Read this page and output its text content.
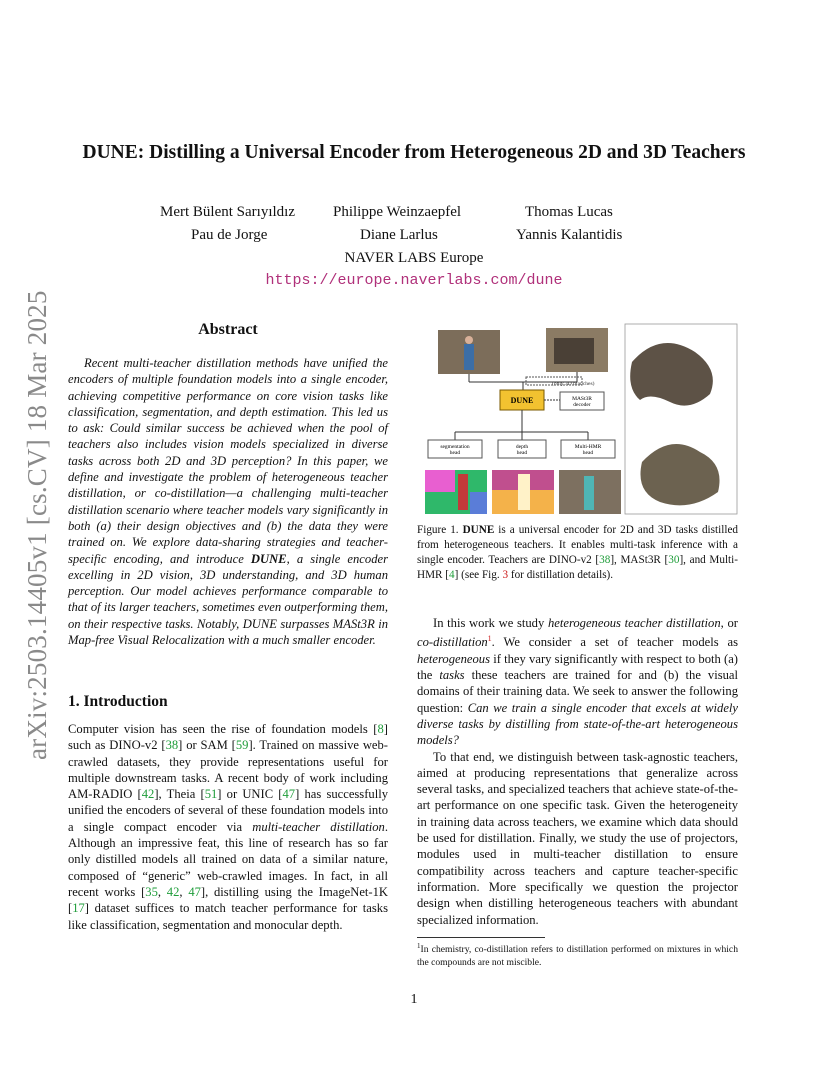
arXiv:2503.14405v1 [cs.CV] 18 Mar 2025
DUNE: Distilling a Universal Encoder from Heterogeneous 2D and 3D Teachers
Mert Bülent Sarıyıldız	Philippe Weinzaepfel	Thomas Lucas
Pau de Jorge	Diane Larlus	Yannis Kalantidis
NAVER LABS Europe
https://europe.naverlabs.com/dune
Abstract

Recent multi-teacher distillation methods have unified the encoders of multiple foundation models into a single encoder, achieving competitive performance on core vision tasks like classification, segmentation, and depth estimation. This led us to ask: Could similar success be achieved when the pool of teachers also includes vision models specialized in diverse tasks across both 2D and 3D perception? In this paper, we define and investigate the problem of heterogeneous teacher distillation, or co-distillation—a challenging multi-teacher distillation scenario where teacher models vary significantly in both (a) their design objectives and (b) the data they were trained on. We explore data-sharing strategies and teacher-specific encoding, and introduce DUNE, a single encoder excelling in 2D vision, 3D understanding, and 3D human perception. Our model achieves performance comparable to that of its larger teachers, sometimes even outperforming them, on their respective tasks. Notably, DUNE surpasses MASt3R in Map-free Visual Relocalization with a much smaller encoder.

1. Introduction
Computer vision has seen the rise of foundation models [8] such as DINO-v2 [38] or SAM [59]. Trained on massive web-crawled datasets, they provide representations useful for multiple downstream tasks. A recent body of work including AM-RADIO [42], Theia [51] or UNIC [47] has successfully unified the encoders of several of these foundation models into a single compact encoder via multi-teacher distillation. Although an impressive feat, this line of research has so far only distilled models all trained on data of a similar nature, composed of “generic” web-crawled images. In fact, in all recent works [35, 42, 47], distilling using the ImageNet-1K [17] dataset suffices to match teacher performance for tasks like classification, segmentation and monocular depth.
DUNE
(only 3D branches)
MASt3R decoder
segmentation head
depth head
Multi-HMR head
Figure 1. DUNE is a universal encoder for 2D and 3D tasks distilled from heterogeneous teachers. It enables multi-task inference with a single encoder. Teachers are DINO-v2 [38], MASt3R [30], and Multi-HMR [4] (see Fig. 3 for distillation details).

In this work we study heterogeneous teacher distillation, or co-distillation$^1$. We consider a set of teacher models as heterogeneous if they vary significantly with respect to both (a) the tasks these teachers are trained for and (b) the visual domains of their training data. We seek to answer the following question: Can we train a single encoder that excels at widely diverse tasks by distilling from state-of-the-art heterogeneous models?

To that end, we distinguish between task-agnostic teachers, aimed at producing representations that generalize across several tasks, and specialized teachers that achieve state-of-the-art performance on one specific task. Given the heterogeneity in training data across teachers, we examine which data should be used for distillation. Finally, we study the use of projectors, modules used in multi-teacher distillation to ensure compatibility across teachers and capture teacher-specific information. More specifically we question the projector design when distilling heterogeneous teachers with abundant specialized information.

$^1$In chemistry, co-distillation refers to distillation performed on mixtures in which the compounds are not miscible.
1
